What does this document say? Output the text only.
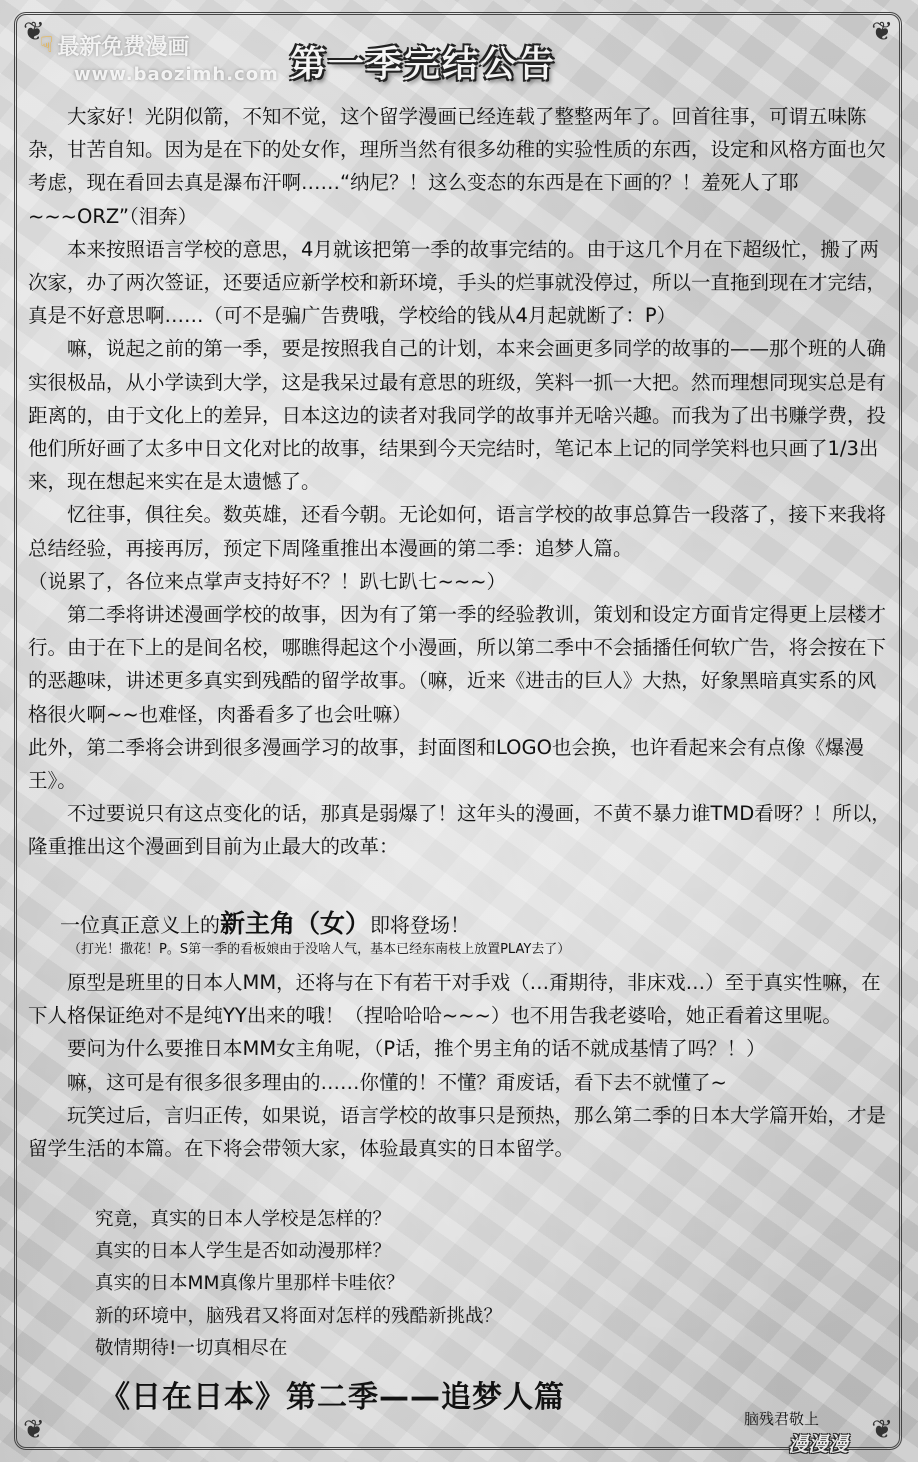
❦	❦
❦	❦
☟ 最新免费漫画
www.baozimh.com 第一季完结公告

大家好！光阴似箭，不知不觉，这个留学漫画已经连载了整整两年了。回首往事，可谓五味陈杂，甘苦自知。因为是在下的处女作，理所当然有很多幼稚的实验性质的东西，设定和风格方面也欠考虑，现在看回去真是瀑布汗啊……“纳尼？！这么变态的东西是在下画的？！羞死人了耶~~~ORZ”（泪奔）

本来按照语言学校的意思，4月就该把第一季的故事完结的。由于这几个月在下超级忙，搬了两次家，办了两次签证，还要适应新学校和新环境，手头的烂事就没停过，所以一直拖到现在才完结，真是不好意思啊……（可不是骗广告费哦，学校给的钱从4月起就断了：P）

嘛，说起之前的第一季，要是按照我自己的计划，本来会画更多同学的故事的——那个班的人确实很极品，从小学读到大学，这是我呆过最有意思的班级，笑料一抓一大把。然而理想同现实总是有距离的，由于文化上的差异，日本这边的读者对我同学的故事并无啥兴趣。而我为了出书赚学费，投他们所好画了太多中日文化对比的故事，结果到今天完结时，笔记本上记的同学笑料也只画了1/3出来，现在想起来实在是太遗憾了。

忆往事，俱往矣。数英雄，还看今朝。无论如何，语言学校的故事总算告一段落了，接下来我将总结经验，再接再厉，预定下周隆重推出本漫画的第二季：追梦人篇。

（说累了，各位来点掌声支持好不？！趴七趴七~~~）

第二季将讲述漫画学校的故事，因为有了第一季的经验教训，策划和设定方面肯定得更上层楼才行。由于在下上的是间名校，哪瞧得起这个小漫画，所以第二季中不会插播任何软广告，将会按在下的恶趣味，讲述更多真实到残酷的留学故事。（嘛，近来《进击的巨人》大热，好象黑暗真实系的风格很火啊~~也难怪，肉番看多了也会吐嘛）

此外，第二季将会讲到很多漫画学习的故事，封面图和LOGO也会换，也许看起来会有点像《爆漫王》。

不过要说只有这点变化的话，那真是弱爆了！这年头的漫画，不黄不暴力谁TMD看呀？！所以，隆重推出这个漫画到目前为止最大的改革：

一位真正意义上的新主角（女）即将登场！
（打光！撒花！P。S第一季的看板娘由于没啥人气，基本已经东南枝上放置PLAY去了）

原型是班里的日本人MM，还将与在下有若干对手戏（…甭期待，非床戏…）至于真实性嘛，在下人格保证绝对不是纯YY出来的哦！（捏哈哈哈~~~）也不用告我老婆哈，她正看着这里呢。

要问为什么要推日本MM女主角呢，（P话，推个男主角的话不就成基情了吗？！）

嘛，这可是有很多很多理由的……你懂的！不懂？甭废话，看下去不就懂了~

玩笑过后，言归正传，如果说，语言学校的故事只是预热，那么第二季的日本大学篇开始，才是留学生活的本篇。在下将会带领大家，体验最真实的日本留学。

究竟，真实的日本人学校是怎样的？
真实的日本人学生是否如动漫那样？
真实的日本MM真像片里那样卡哇依？
新的环境中，脑残君又将面对怎样的残酷新挑战？
敬情期待!一切真相尽在
《日在日本》第二季——追梦人篇
脑残君敬上
漫漫漫
